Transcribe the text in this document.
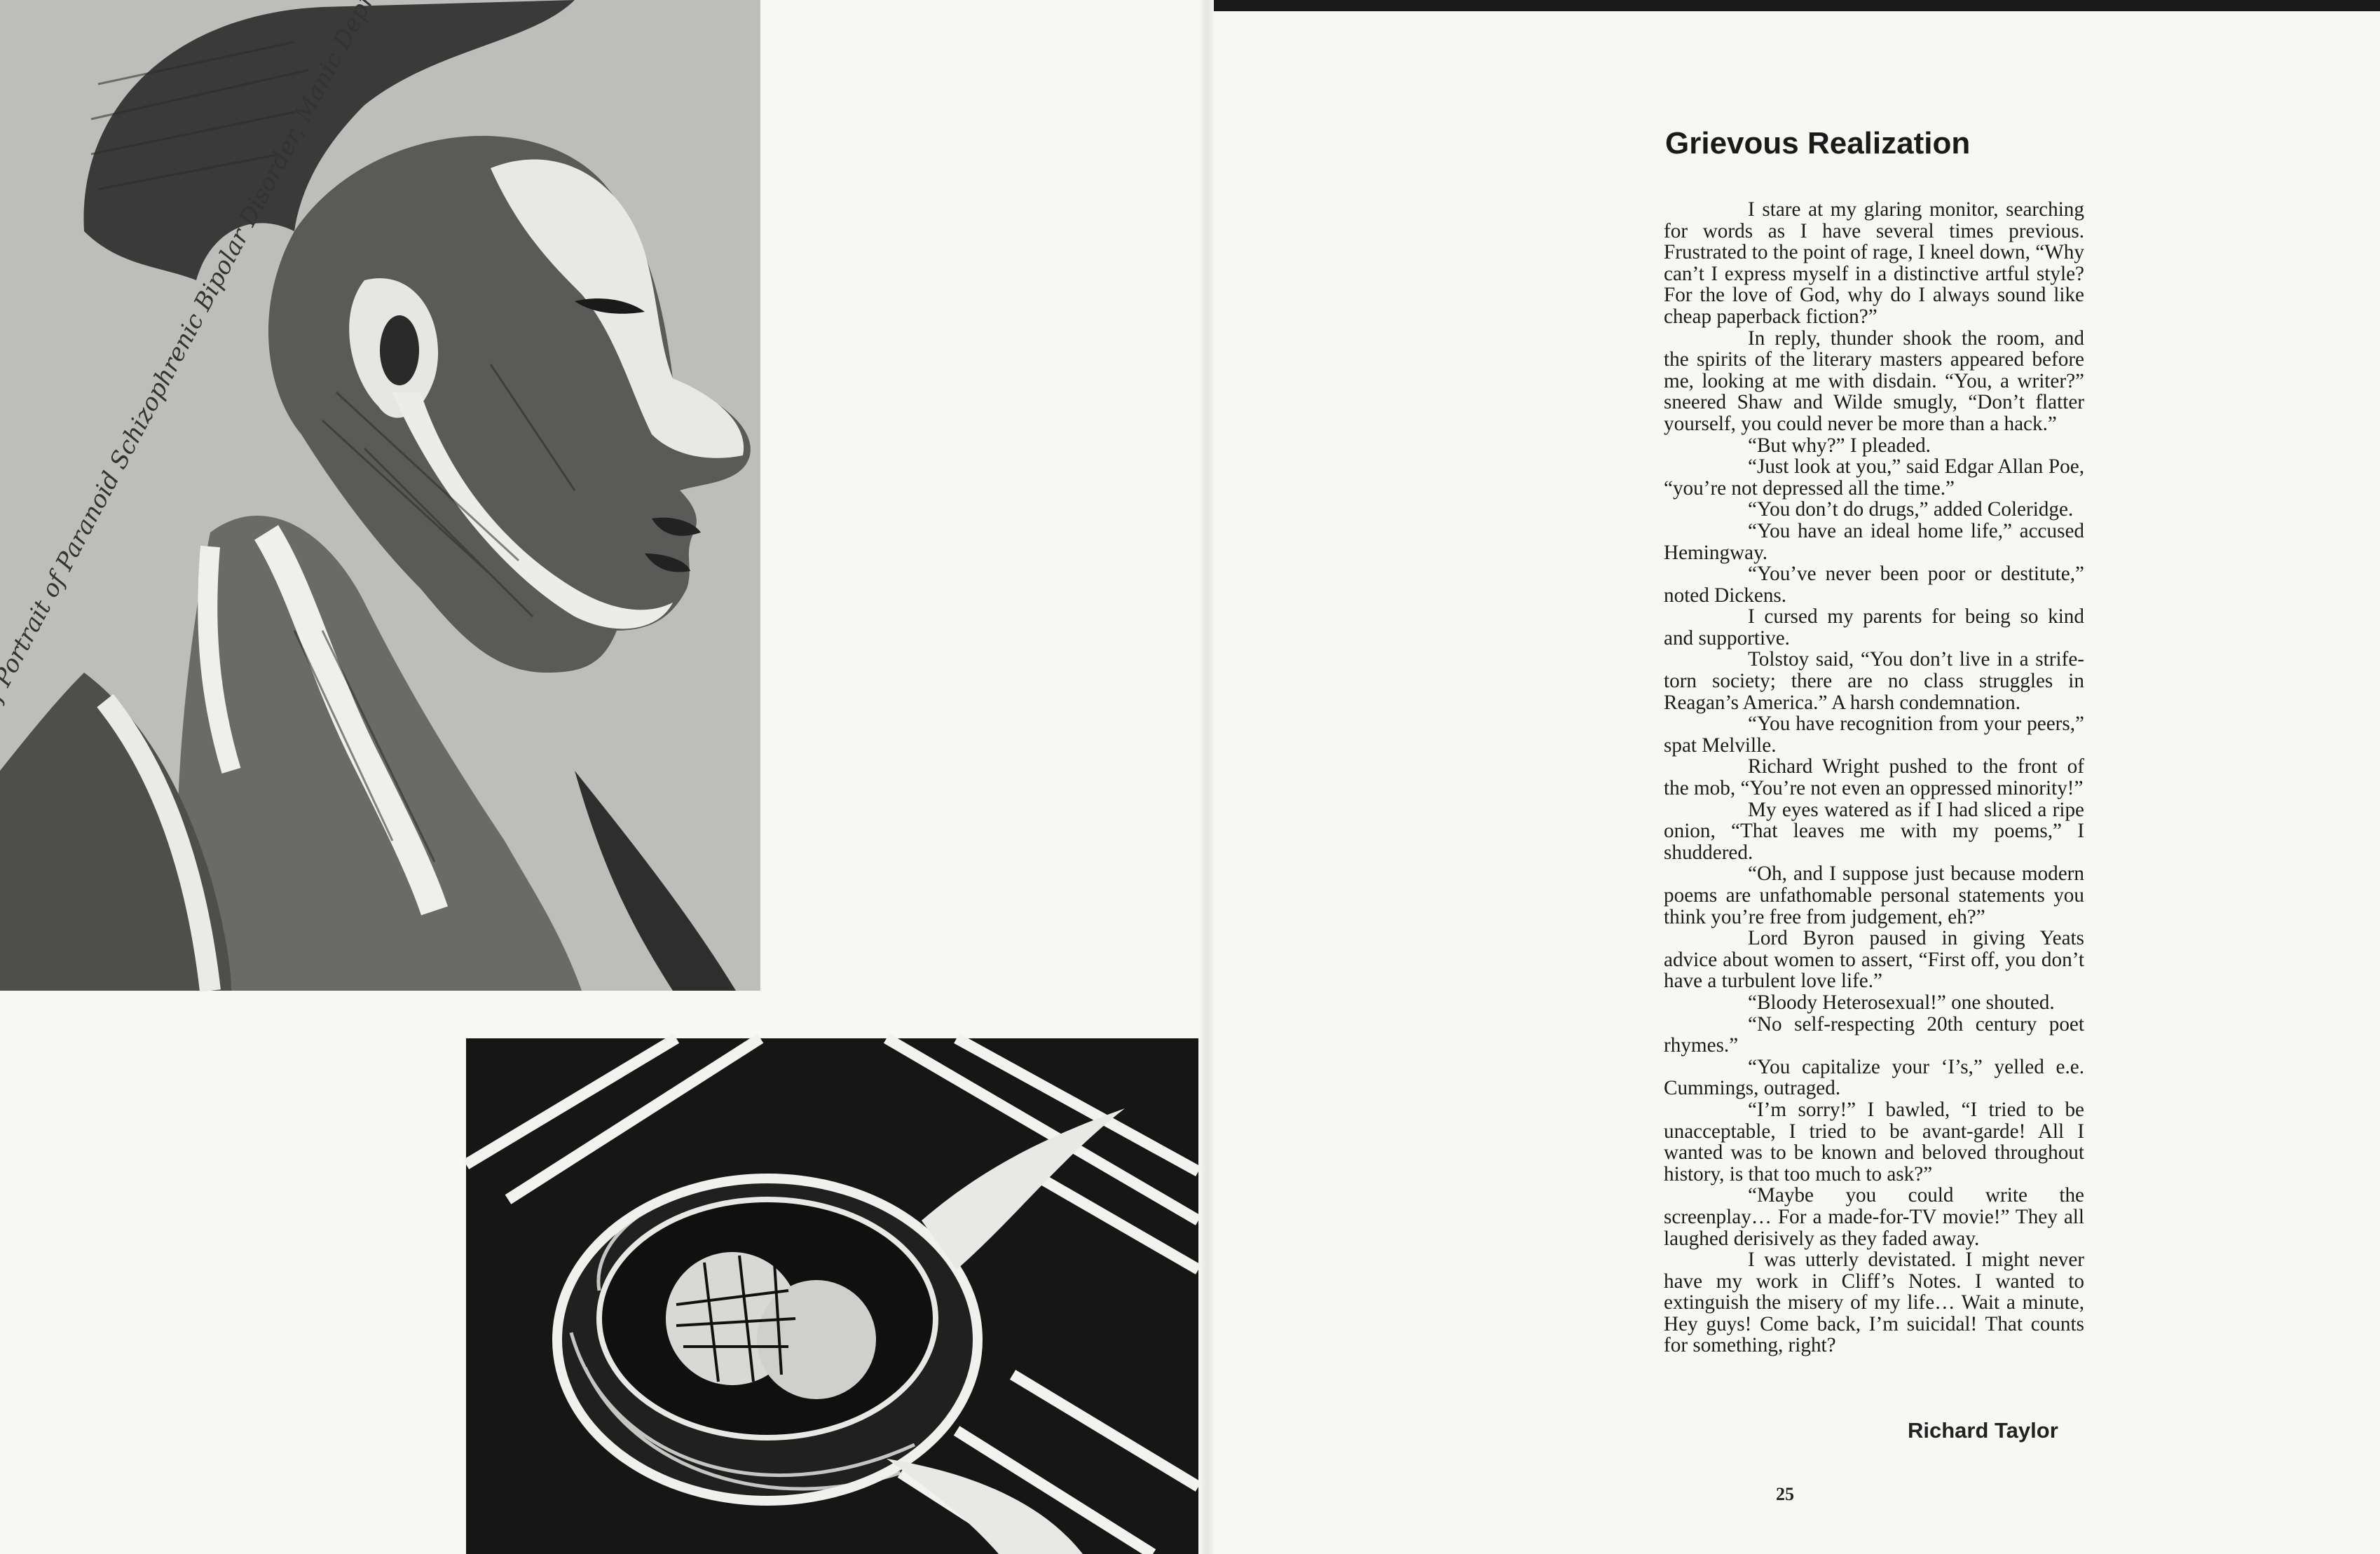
Grievous Realization

I stare at my glaring monitor, searching for words as I have several times previous. Frustrated to the point of rage, I kneel down, “Why can’t I express myself in a distinctive artful style? For the love of God, why do I always sound like cheap paperback fiction?”

In reply, thunder shook the room, and the spirits of the literary masters appeared before me, looking at me with disdain. “You, a writer?” sneered Shaw and Wilde smugly, “Don’t flatter yourself, you could never be more than a hack.”

“But why?” I pleaded.

“Just look at you,” said Edgar Allan Poe, “you’re not depressed all the time.”

“You don’t do drugs,” added Coleridge.

“You have an ideal home life,” accused Hemingway.

“You’ve never been poor or destitute,” noted Dickens.

I cursed my parents for being so kind and supportive.

Tolstoy said, “You don’t live in a strife-torn society; there are no class struggles in Reagan’s America.” A harsh condemnation.

“You have recognition from your peers,” spat Melville.

Richard Wright pushed to the front of the mob, “You’re not even an oppressed minority!”

My eyes watered as if I had sliced a ripe onion, “That leaves me with my poems,” I shuddered.

“Oh, and I suppose just because modern poems are unfathomable personal statements you think you’re free from judgement, eh?”

Lord Byron paused in giving Yeats advice about women to assert, “First off, you don’t have a turbulent love life.”

“Bloody Heterosexual!” one shouted.

“No self-respecting 20th century poet rhymes.”

“You capitalize your ‘I’s,” yelled e.e. Cummings, outraged.

“I’m sorry!” I bawled, “I tried to be unacceptable, I tried to be avant-garde! All I wanted was to be known and beloved throughout history, is that too much to ask?”

“Maybe you could write the screenplay… For a made-for-TV movie!” They all laughed derisively as they faded away.

I was utterly devistated. I might never have my work in Cliff’s Notes. I wanted to extinguish the misery of my life… Wait a minute, Hey guys! Come back, I’m suicidal! That counts for something, right?

Richard Taylor
25
